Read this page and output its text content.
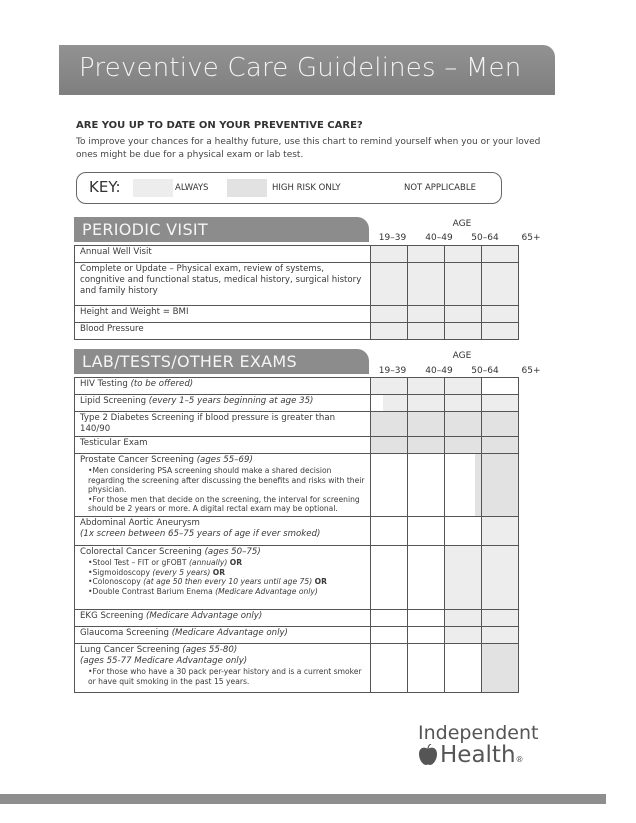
Preventive Care Guidelines – Men
ARE YOU UP TO DATE ON YOUR PREVENTIVE CARE?
To improve your chances for a healthy future, use this chart to remind yourself when you or your loved ones might be due for a physical exam or lab test.
KEY:	ALWAYS	HIGH RISK ONLY	NOT APPLICABLE
PERIODIC VISIT	AGE
19–39	40–49	50–64	65+
Annual Well Visit				
Complete or Update – Physical exam, review of systems, congnitive and functional status, medical history, surgical history and family history				
Height and Weight = BMI				
Blood Pressure				
LAB/TESTS/OTHER EXAMS	AGE
19–39	40–49	50–64	65+
HIV Testing (to be offered)				
Lipid Screening (every 1–5 years beginning at age 35)	

Type 2 Diabetes Screening if blood pressure is greater than 140/90				
Testicular Exam				
Prostate Cancer Screening (ages 55–69)
• Men considering PSA screening should make a shared decision regarding the screening after discussing the benefits and risks with their physician.
• For those men that decide on the screening, the interval for screening should be 2 years or more. A digital rectal exam may be optional.

Abdominal Aortic Aneurysm
(1x screen between 65–75 years of age if ever smoked)				
Colorectal Cancer Screening (ages 50–75)
• Stool Test – FIT or gFOBT (annually) OR
• Sigmoidoscopy (every 5 years) OR
• Colonoscopy (at age 50 then every 10 years until age 75) OR
• Double Contrast Barium Enema (Medicare Advantage only)

EKG Screening (Medicare Advantage only)				
Glaucoma Screening (Medicare Advantage only)				
Lung Cancer Screening (ages 55-80)
(ages 55-77 Medicare Advantage only)
• For those who have a 30 pack per-year history and is a current smoker or have quit smoking in the past 15 years.

Independent
Health®
